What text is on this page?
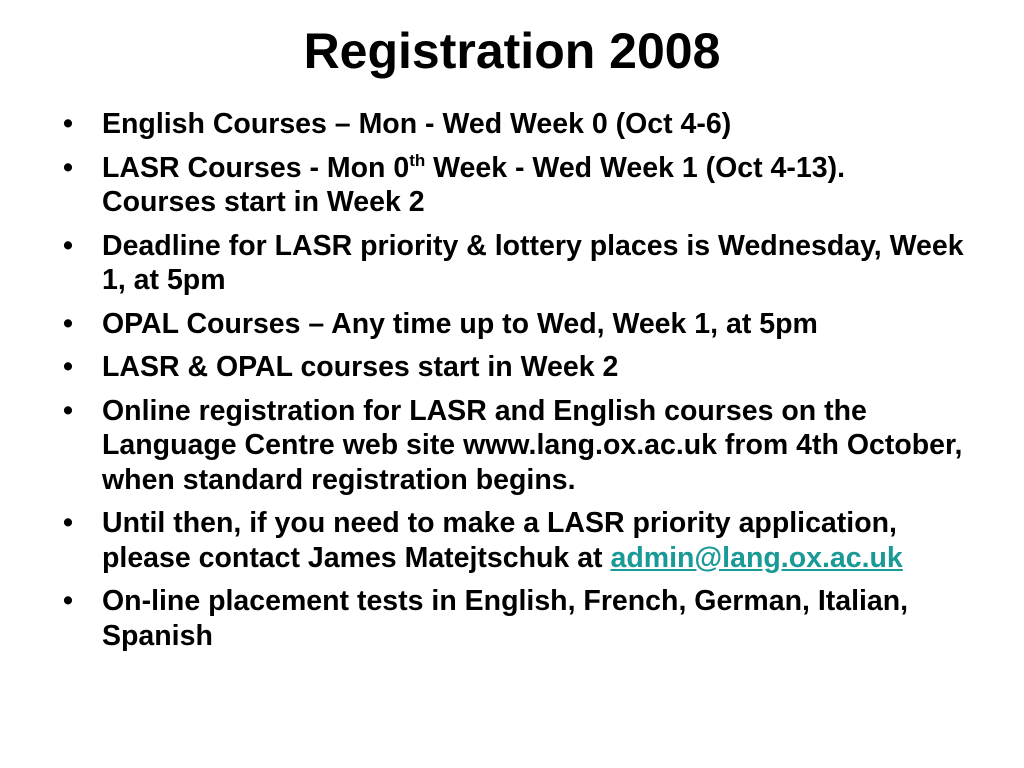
Registration 2008
• English Courses – Mon - Wed Week 0 (Oct 4-6)
• LASR Courses - Mon 0th Week - Wed Week 1 (Oct 4-13).Courses start in Week 2
• Deadline for LASR priority & lottery places is Wednesday, Week 1, at 5pm
• OPAL Courses – Any time up to Wed, Week 1, at 5pm
• LASR & OPAL courses start in Week 2
• Online registration for LASR and English courses on the Language Centre web site www.lang.ox.ac.uk from 4th October, when standard registration begins.
• Until then, if you need to make a LASR priority application, please contact James Matejtschuk at admin@lang.ox.ac.uk
• On-line placement tests in English, French, German, Italian, Spanish
